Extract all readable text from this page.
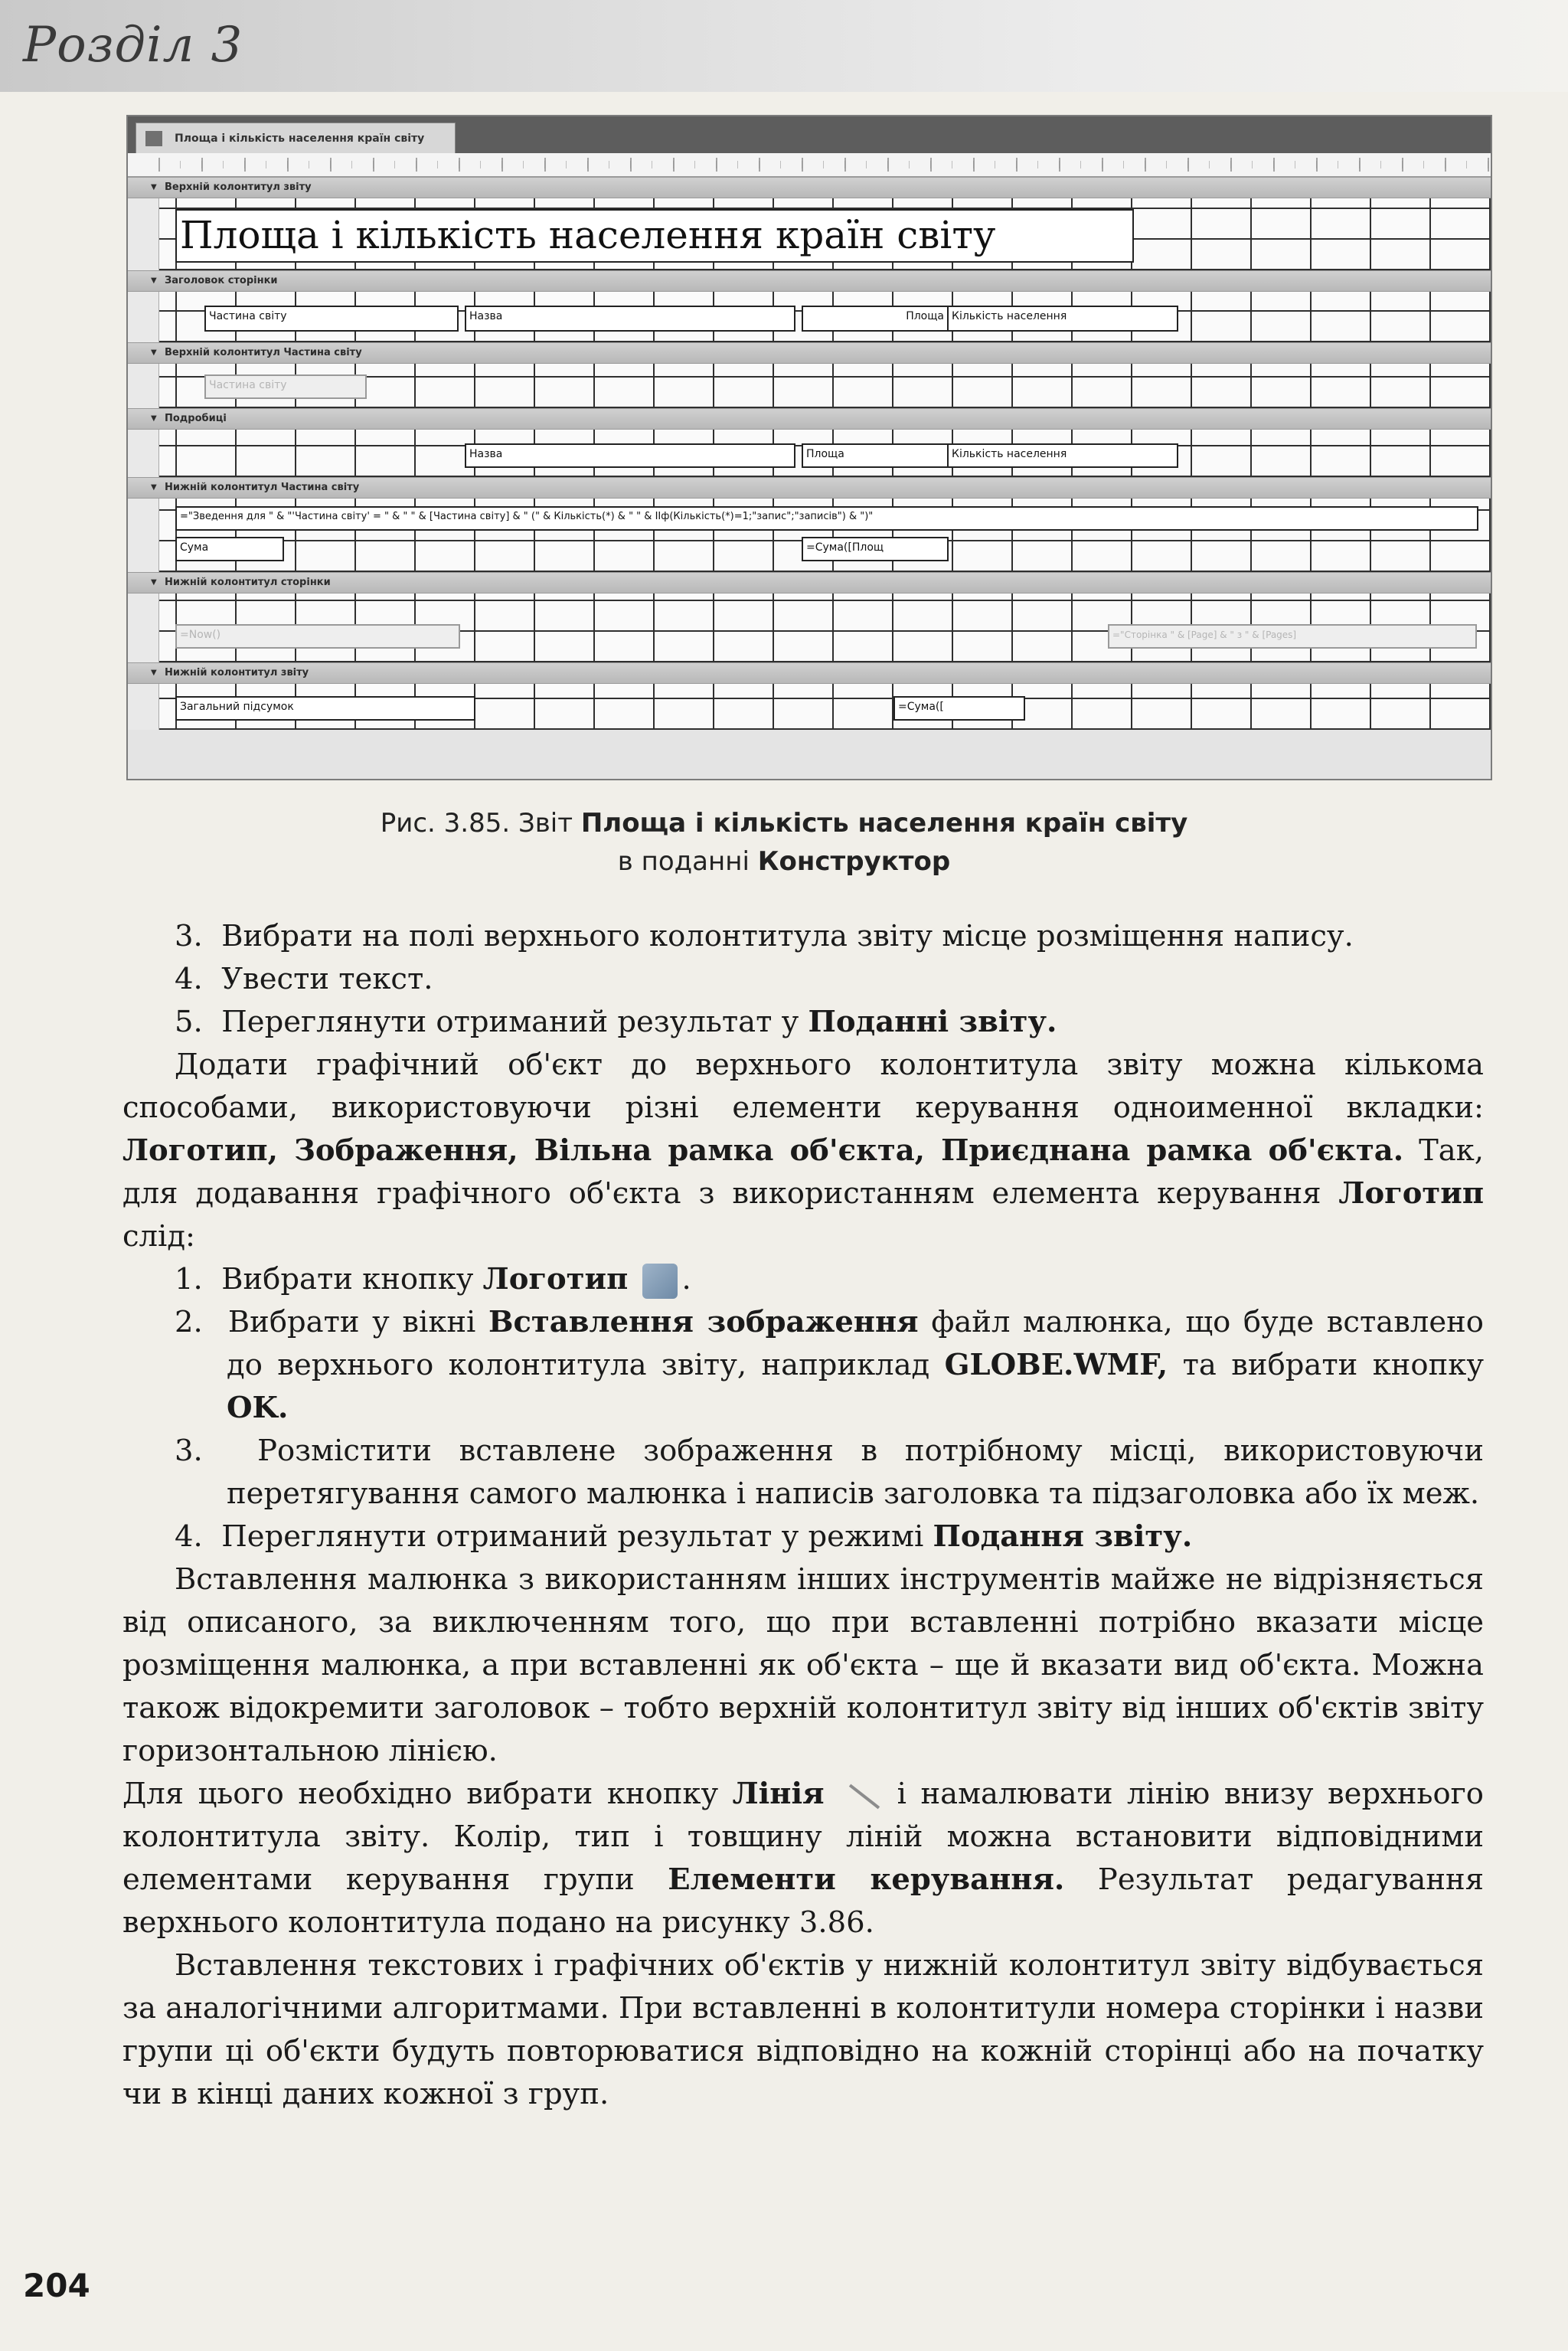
Розділ 3
Площа і кількість населення країн світу
▼ Верхній колонтитул звіту
Площа і кількість населення країн світу
▼ Заголовок сторінки
Частина світу	Назва	Площа Кількість населення
▼ Верхній колонтитул Частина світу
Частина світу
▼ Подробиці
Назва	Площа	Кількість населення
▼ Нижній колонтитул Частина світу
="Зведення для " & "'Частина світу' = " & " " & [Частина світу] & " (" & Кількість(*) & " " & ІІф(Кількість(*)=1;"запис";"записів") & ")"
Сума	=Сума([Площ
▼ Нижній колонтитул сторінки
=Now()	="Сторінка " & [Page] & " з " & [Pages]
▼ Нижній колонтитул звіту
Загальний підсумок	=Сума([
Рис. 3.85. Звіт Площа і кількість населення країн світу
в поданні Конструктор

3. Вибрати на полі верхнього колонтитула звіту місце розміщення напису.

4. Увести текст.

5. Переглянути отриманий результат у Поданні звіту.

Додати графічний об'єкт до верхнього колонтитула звіту можна кількома способами, використовуючи різні елементи керування одноименної вкладки: Логотип, Зображення, Вільна рамка об'єкта, Приєднана рамка об'єкта. Так, для додавання графічного об'єкта з використанням елемента керування Логотип слід:

1. Вибрати кнопку Логотип .

2. Вибрати у вікні Вставлення зображення файл малюнка, що буде вставлено до верхнього колонтитула звіту, наприклад GLOBE.WMF, та вибрати кнопку OK.

3. Розмістити вставлене зображення в потрібному місці, використовуючи перетягування самого малюнка і написів заголовка та підзаголовка або їх меж.

4. Переглянути отриманий результат у режимі Подання звіту.

Вставлення малюнка з використанням інших інструментів майже не відрізняється від описаного, за виключенням того, що при вставленні потрібно вказати місце розміщення малюнка, а при вставленні як об'єкта – ще й вказати вид об'єкта. Можна також відокремити заголовок – тобто верхній колонтитул звіту від інших об'єктів звіту горизонтальною лінією.

Для цього необхідно вибрати кнопку Лінія  і намалювати лінію внизу верхнього колонтитула звіту. Колір, тип і товщину ліній можна встановити відповідними елементами керування групи Елементи керування. Результат редагування верхнього колонтитула подано на рисунку 3.86.

Вставлення текстових і графічних об'єктів у нижній колонтитул звіту відбувається за аналогічними алгоритмами. При вставленні в колонтитули номера сторінки і назви групи ці об'єкти будуть повторюватися відповідно на кожній сторінці або на початку чи в кінці даних кожної з груп.

204
